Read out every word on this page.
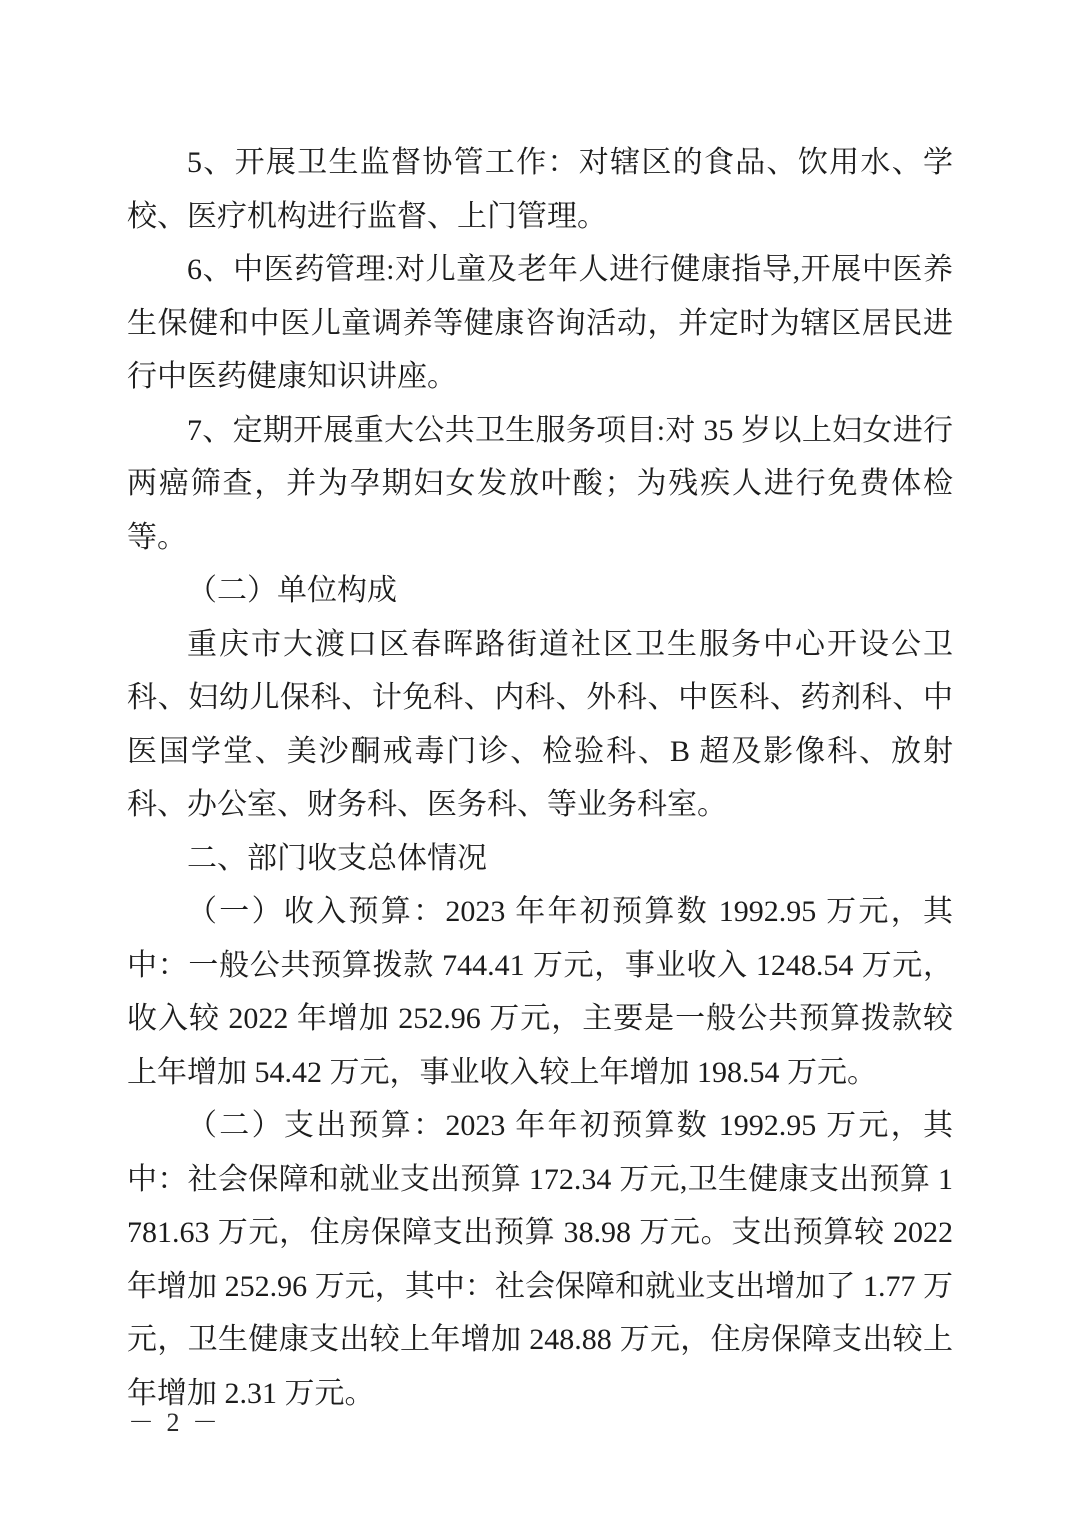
5、开展卫生监督协管工作：对辖区的食品、饮用水、学校、医疗机构进行监督、上门管理。

6、中医药管理:对儿童及老年人进行健康指导,开展中医养生保健和中医儿童调养等健康咨询活动，并定时为辖区居民进行中医药健康知识讲座。

7、定期开展重大公共卫生服务项目:对 35 岁以上妇女进行两癌筛查，并为孕期妇女发放叶酸；为残疾人进行免费体检等。

（二）单位构成

重庆市大渡口区春晖路街道社区卫生服务中心开设公卫科、妇幼儿保科、计免科、内科、外科、中医科、药剂科、中医国学堂、美沙酮戒毒门诊、检验科、B 超及影像科、放射科、办公室、财务科、医务科、等业务科室。

二、部门收支总体情况

（一）收入预算：2023 年年初预算数 1992.95 万元，其中：一般公共预算拨款 744.41 万元，事业收入 1248.54 万元，收入较 2022 年增加 252.96 万元，主要是一般公共预算拨款较上年增加 54.42 万元，事业收入较上年增加 198.54 万元。

（二）支出预算：2023 年年初预算数 1992.95 万元，其中：社会保障和就业支出预算 172.34 万元,卫生健康支出预算 1781.63 万元，住房保障支出预算 38.98 万元。支出预算较 2022 年增加 252.96 万元，其中：社会保障和就业支出增加了 1.77 万元，卫生健康支出较上年增加 248.88 万元，住房保障支出较上年增加 2.31 万元。

－ 2 －
